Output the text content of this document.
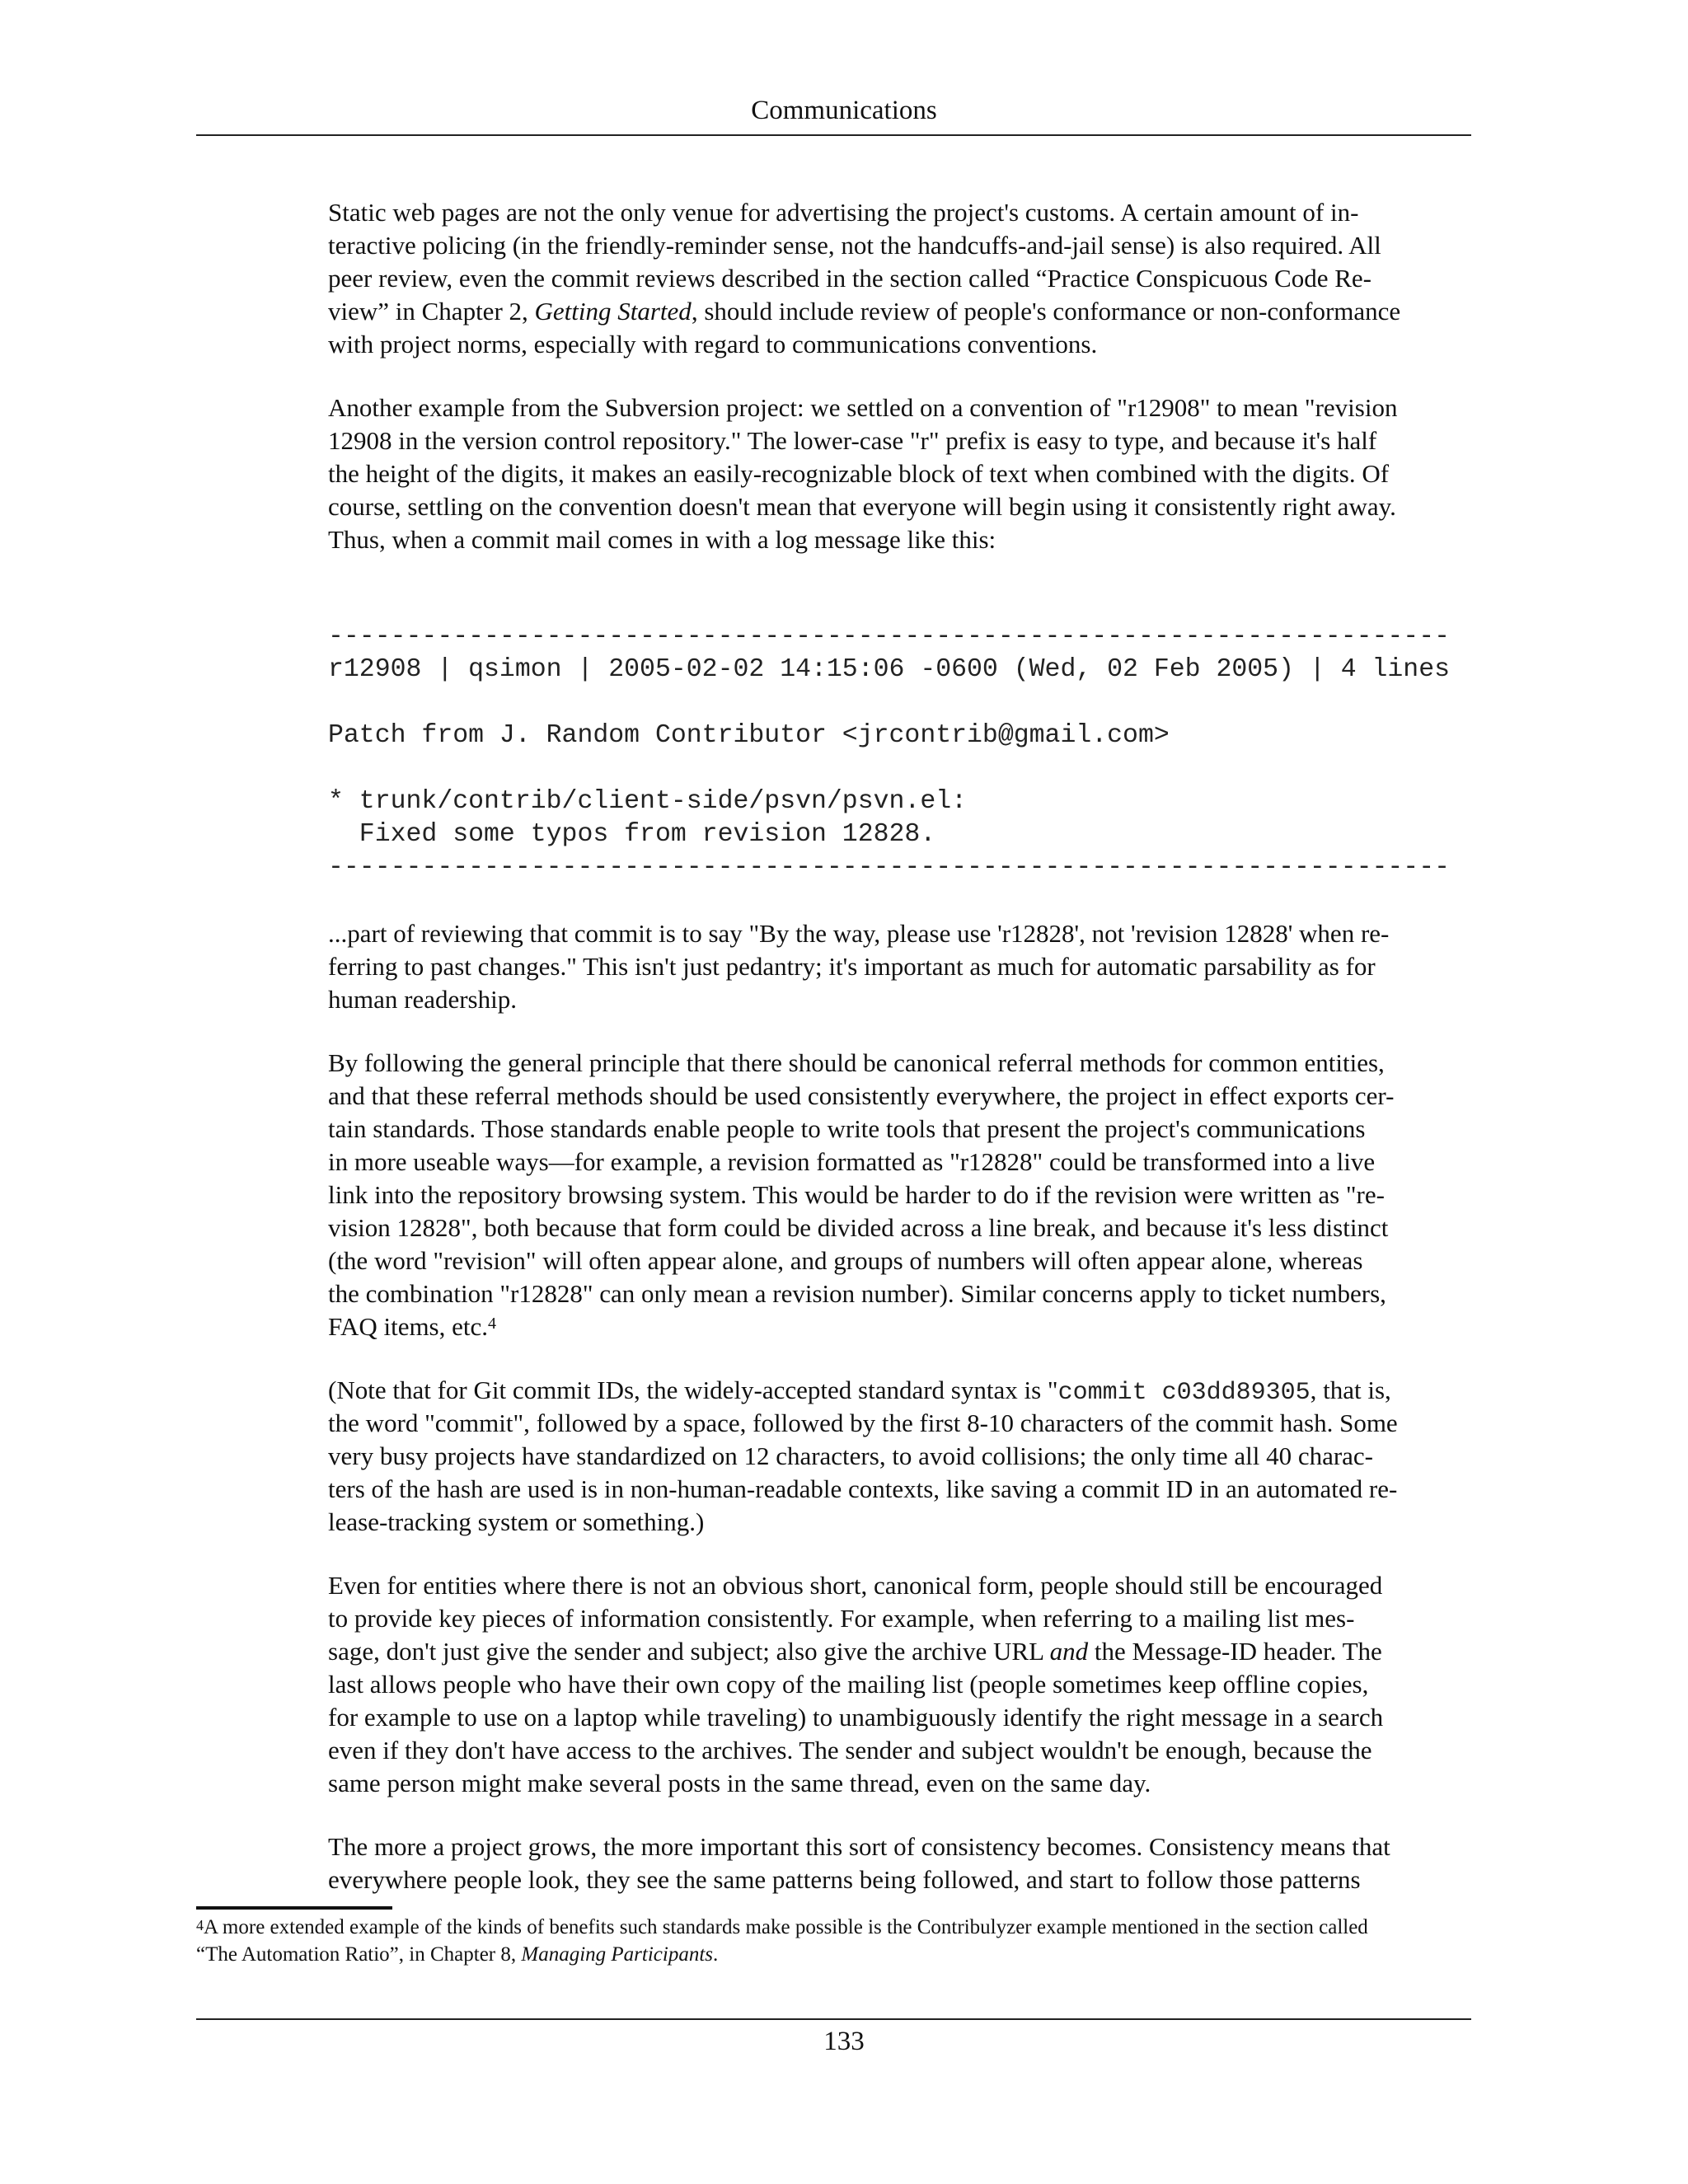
Communications

Static web pages are not the only venue for advertising the project's customs. A certain amount of in-
teractive policing (in the friendly-reminder sense, not the handcuffs-and-jail sense) is also required. All
peer review, even the commit reviews described in the section called “Practice Conspicuous Code Re-
view” in Chapter 2, Getting Started, should include review of people's conformance or non-conformance
with project norms, especially with regard to communications conventions.

Another example from the Subversion project: we settled on a convention of "r12908" to mean "revision
12908 in the version control repository." The lower-case "r" prefix is easy to type, and because it's half
the height of the digits, it makes an easily-recognizable block of text when combined with the digits. Of
course, settling on the convention doesn't mean that everyone will begin using it consistently right away.
Thus, when a commit mail comes in with a log message like this:

------------------------------------------------------------------------
r12908 | qsimon | 2005-02-02 14:15:06 -0600 (Wed, 02 Feb 2005) | 4 lines
Patch from J. Random Contributor <jrcontrib@gmail.com>
* trunk/contrib/client-side/psvn/psvn.el:
Fixed some typos from revision 12828.
------------------------------------------------------------------------

...part of reviewing that commit is to say "By the way, please use 'r12828', not 'revision 12828' when re-
ferring to past changes." This isn't just pedantry; it's important as much for automatic parsability as for
human readership.

By following the general principle that there should be canonical referral methods for common entities,
and that these referral methods should be used consistently everywhere, the project in effect exports cer-
tain standards. Those standards enable people to write tools that present the project's communications
in more useable ways—for example, a revision formatted as "r12828" could be transformed into a live
link into the repository browsing system. This would be harder to do if the revision were written as "re-
vision 12828", both because that form could be divided across a line break, and because it's less distinct
(the word "revision" will often appear alone, and groups of numbers will often appear alone, whereas
the combination "r12828" can only mean a revision number). Similar concerns apply to ticket numbers,
FAQ items, etc.$^4$

(Note that for Git commit IDs, the widely-accepted standard syntax is "commit c03dd89305, that is,
the word "commit", followed by a space, followed by the first 8-10 characters of the commit hash. Some
very busy projects have standardized on 12 characters, to avoid collisions; the only time all 40 charac-
ters of the hash are used is in non-human-readable contexts, like saving a commit ID in an automated re-
lease-tracking system or something.)

Even for entities where there is not an obvious short, canonical form, people should still be encouraged
to provide key pieces of information consistently. For example, when referring to a mailing list mes-
sage, don't just give the sender and subject; also give the archive URL and the Message-ID header. The
last allows people who have their own copy of the mailing list (people sometimes keep offline copies,
for example to use on a laptop while traveling) to unambiguously identify the right message in a search
even if they don't have access to the archives. The sender and subject wouldn't be enough, because the
same person might make several posts in the same thread, even on the same day.

The more a project grows, the more important this sort of consistency becomes. Consistency means that
everywhere people look, they see the same patterns being followed, and start to follow those patterns

$^4$A more extended example of the kinds of benefits such standards make possible is the Contribulyzer example mentioned in the section called
“The Automation Ratio”, in Chapter 8, Managing Participants.
133
